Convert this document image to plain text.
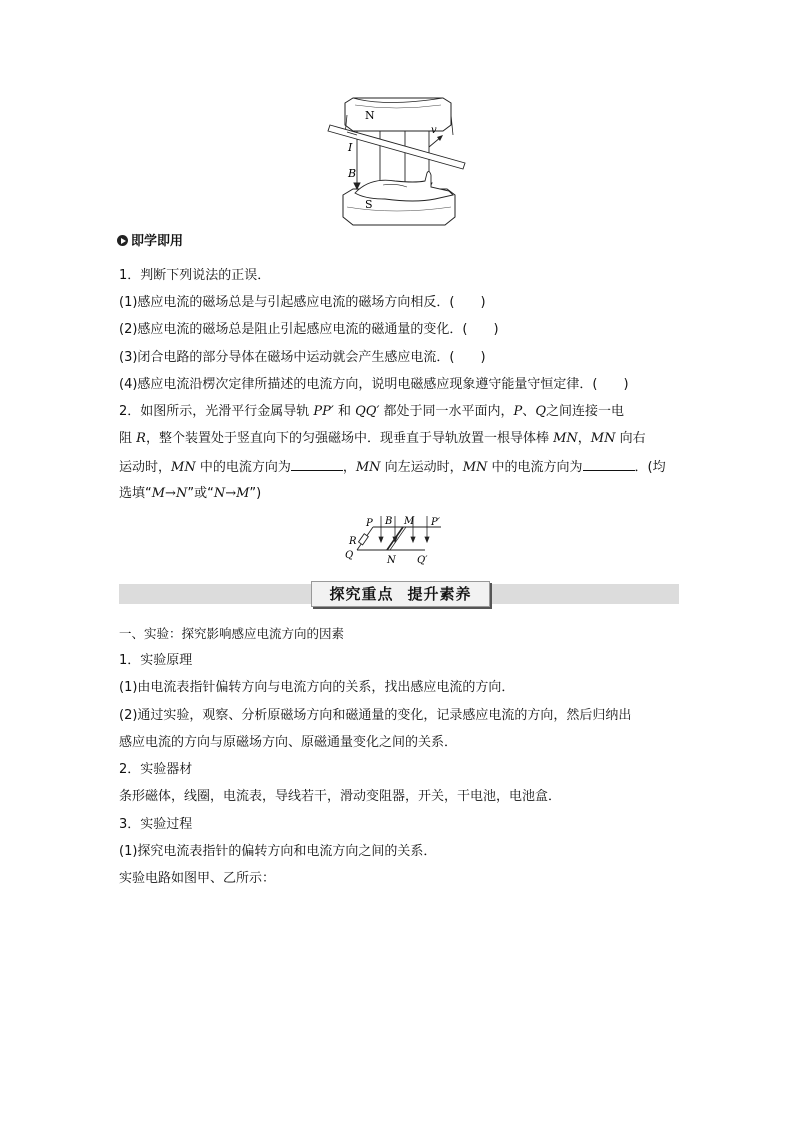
N
S
I
B
v
即学即用
1．判断下列说法的正误．
(1)感应电流的磁场总是与引起感应电流的磁场方向相反．(　　)
(2)感应电流的磁场总是阻止引起感应电流的磁通量的变化．(　　)
(3)闭合电路的部分导体在磁场中运动就会产生感应电流．(　　)
(4)感应电流沿楞次定律所描述的电流方向，说明电磁感应现象遵守能量守恒定律．(　　)
2．如图所示，光滑平行金属导轨 PP′ 和 QQ′ 都处于同一水平面内，P、Q之间连接一电
阻 R，整个装置处于竖直向下的匀强磁场中．现垂直于导轨放置一根导体棒 MN，MN 向右
运动时，MN 中的电流方向为	，MN 向左运动时，MN 中的电流方向为	．(均
选填“M→N”或“N→M”)
P B M P′
R
Q	N Q′
探究重点 提升素养
一、实验：探究影响感应电流方向的因素
1．实验原理
(1)由电流表指针偏转方向与电流方向的关系，找出感应电流的方向．
(2)通过实验，观察、分析原磁场方向和磁通量的变化，记录感应电流的方向，然后归纳出
感应电流的方向与原磁场方向、原磁通量变化之间的关系．
2．实验器材
条形磁体，线圈，电流表，导线若干，滑动变阻器，开关，干电池，电池盒．
3．实验过程
(1)探究电流表指针的偏转方向和电流方向之间的关系．
实验电路如图甲、乙所示：
